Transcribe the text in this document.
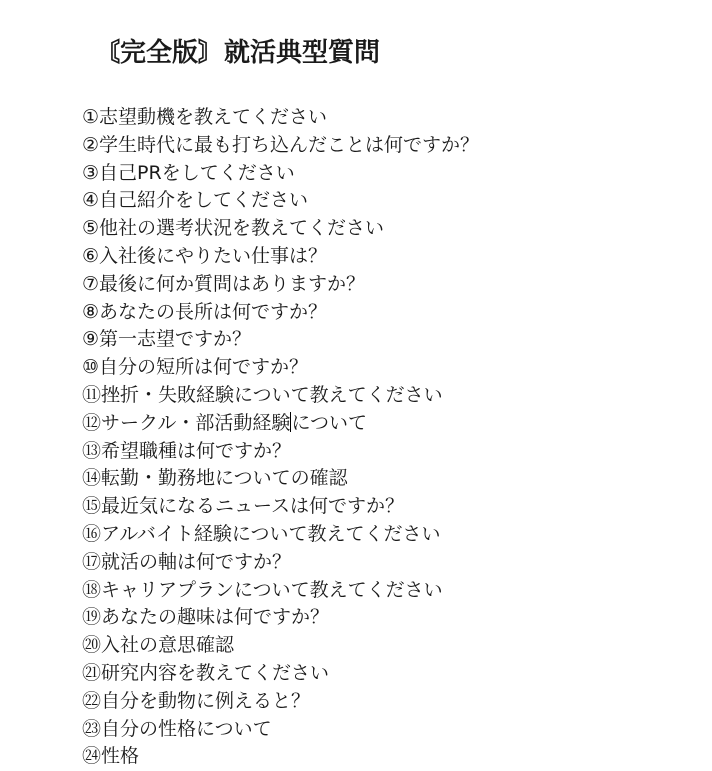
〘完全版〙就活典型質問
①志望動機を教えてください
②学生時代に最も打ち込んだことは何ですか？
③自己PRをしてください
④自己紹介をしてください
⑤他社の選考状況を教えてください
⑥入社後にやりたい仕事は？
⑦最後に何か質問はありますか？
⑧あなたの長所は何ですか？
⑨第一志望ですか？
⑩自分の短所は何ですか？
⑪挫折・失敗経験について教えてください
⑫サークル・部活動経験について
⑬希望職種は何ですか？
⑭転勤・勤務地についての確認
⑮最近気になるニュースは何ですか？
⑯アルバイト経験について教えてください
⑰就活の軸は何ですか？
⑱キャリアプランについて教えてください
⑲あなたの趣味は何ですか？
⑳入社の意思確認
㉑研究内容を教えてください
㉒自分を動物に例えると？
㉓自分の性格について
㉔性格
